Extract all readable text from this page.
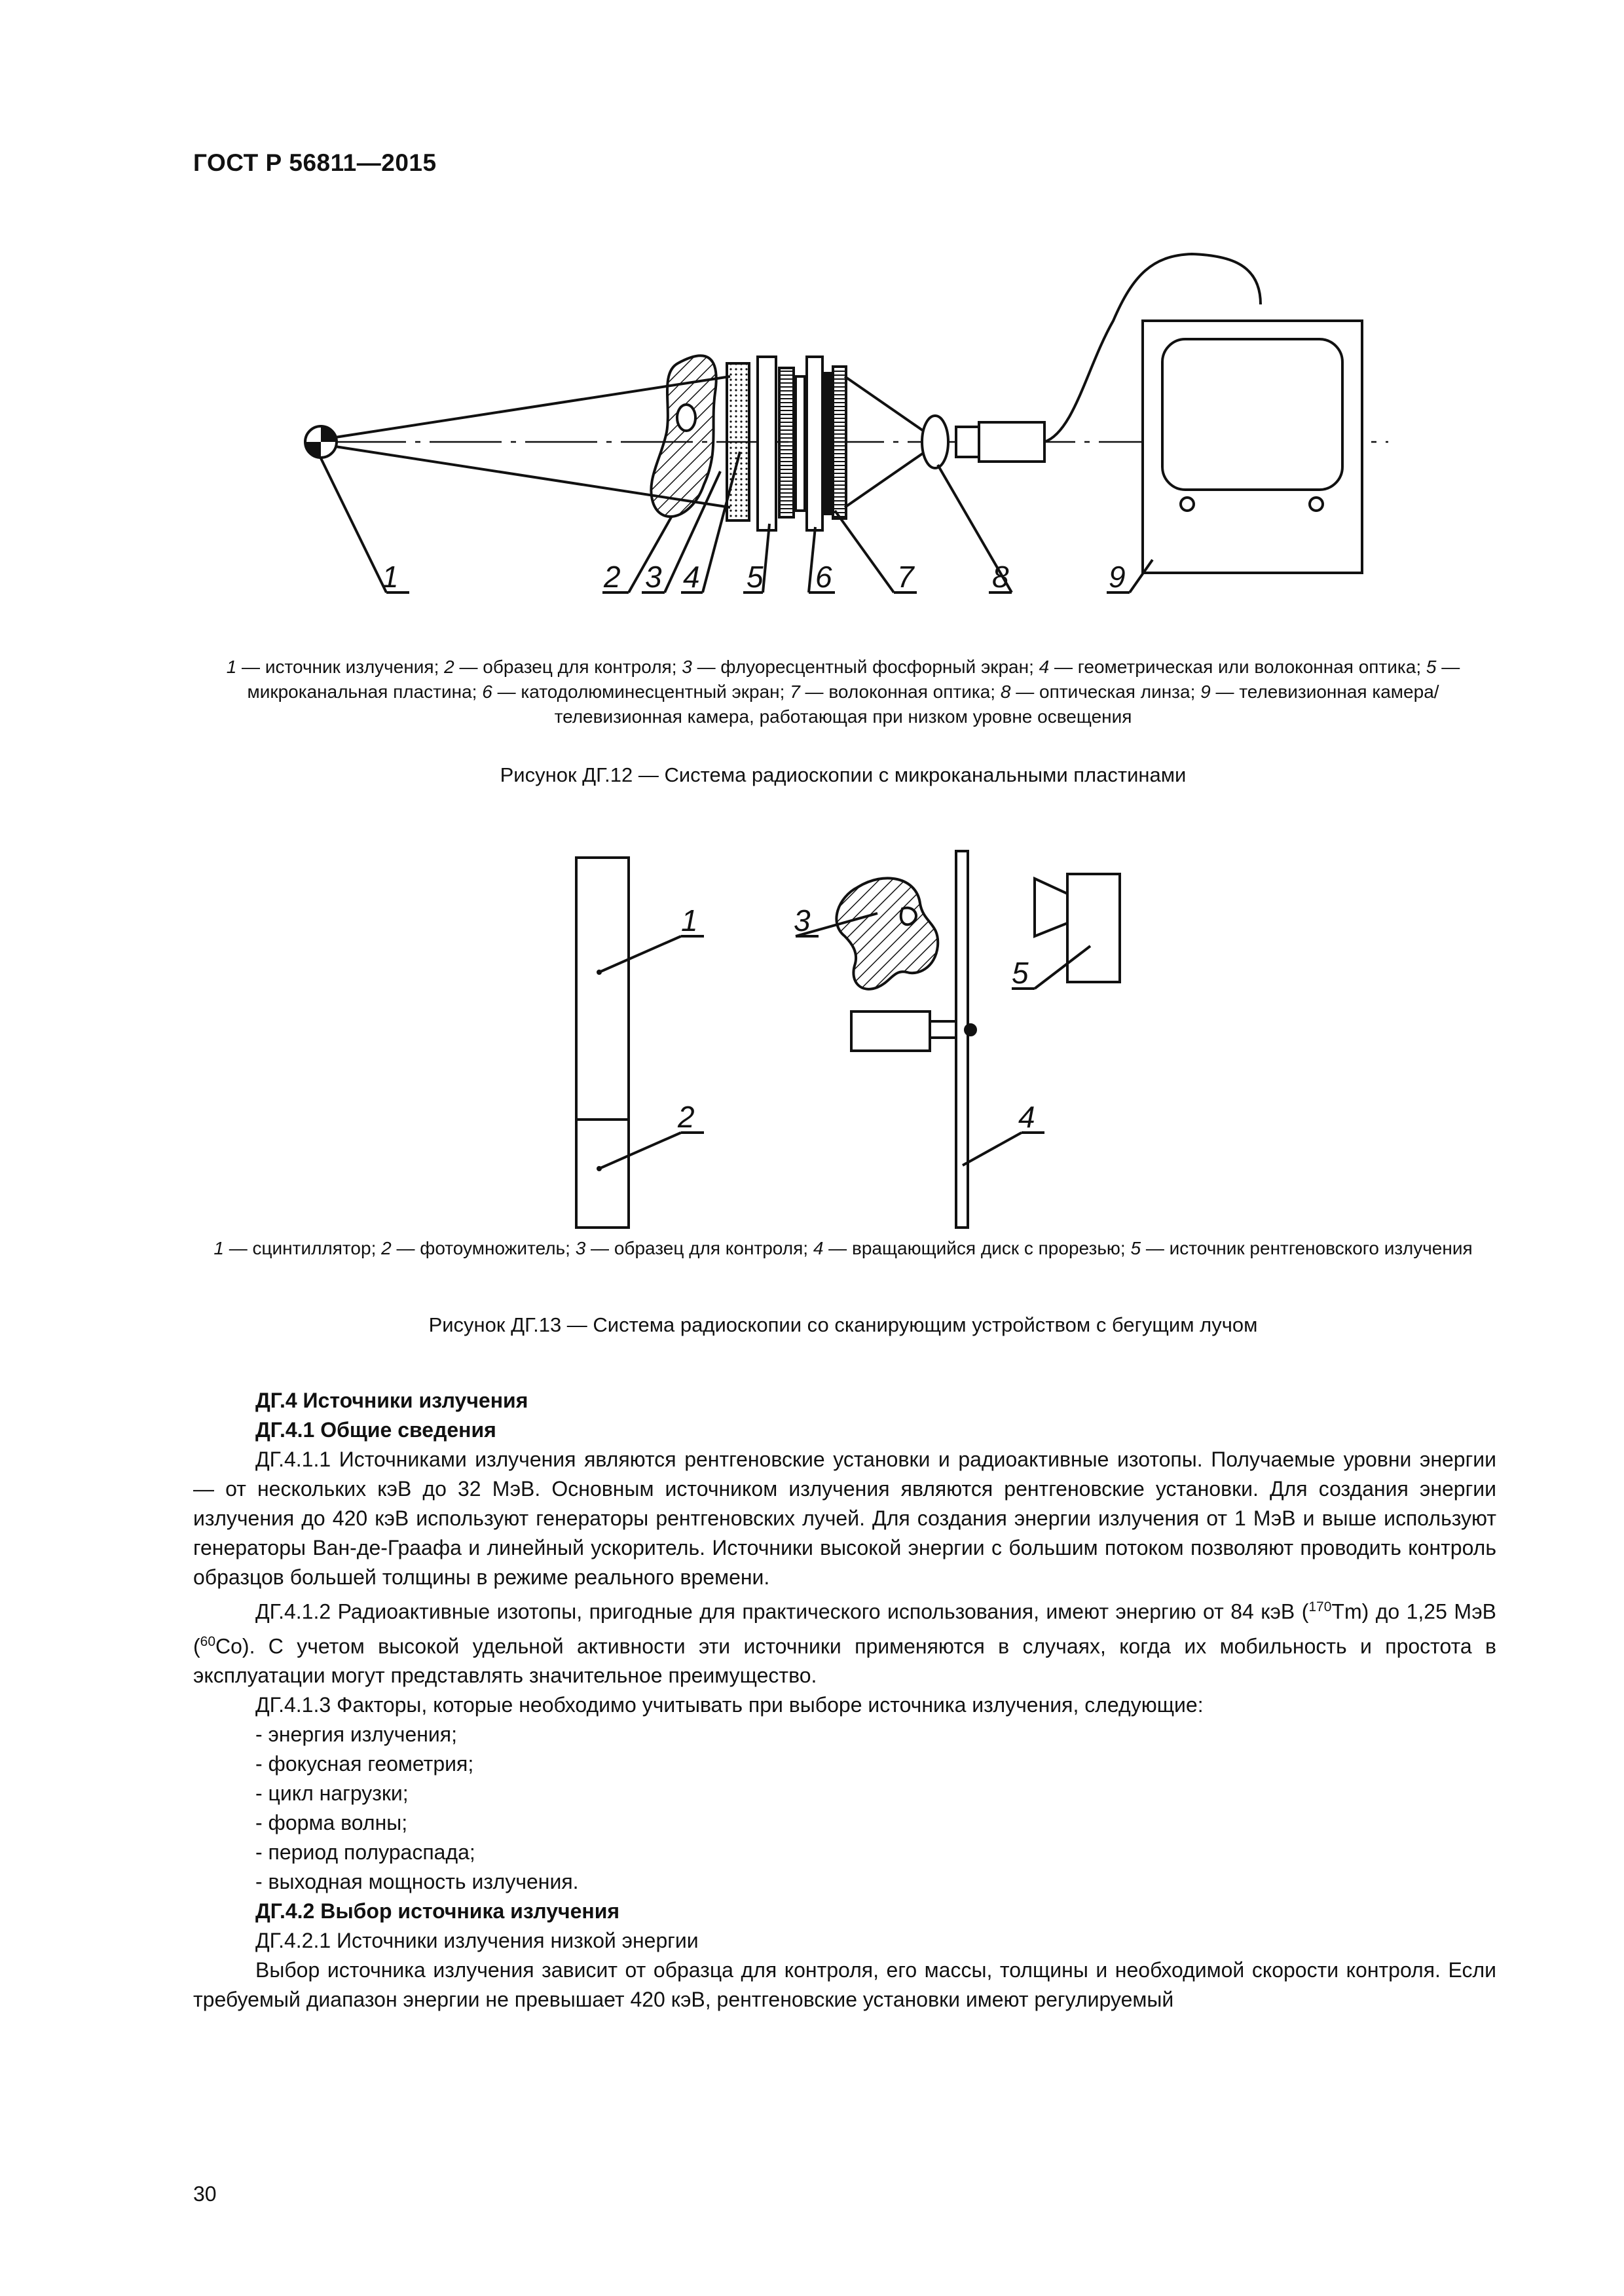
ГОСТ Р 56811—2015
1	2 3 4 5 6 7	8	9
1 — источник излучения; 2 — образец для контроля; 3 — флуоресцентный фосфорный экран; 4 — геометрическая или волоконная оптика; 5 — микроканальная пластина; 6 — катодолюминесцентный экран; 7 — волоконная оптика; 8 — оптическая линза; 9 — телевизионная камера/телевизионная камера, работающая при низком уровне освещения
Рисунок ДГ.12 — Система радиоскопии с микроканальными пластинами
1
2
3
4
5
1 — сцинтиллятор; 2 — фотоумножитель; 3 — образец для контроля; 4 — вращающийся диск с прорезью; 5 — источник рентгеновского излучения
Рисунок ДГ.13 — Система радиоскопии со сканирующим устройством с бегущим лучом

ДГ.4 Источники излучения

ДГ.4.1 Общие сведения

ДГ.4.1.1 Источниками излучения являются рентгеновские установки и радиоактивные изотопы. Получаемые уровни энергии — от нескольких кэВ до 32 МэВ. Основным источником излучения являются рентгеновские установки. Для создания энергии излучения до 420 кэВ используют генераторы рентгеновских лучей. Для создания энергии излучения от 1 МэВ и выше используют генераторы Ван-де-Граафа и линейный ускоритель. Источники высокой энергии с большим потоком позволяют проводить контроль образцов большей толщины в режиме реального времени.

ДГ.4.1.2 Радиоактивные изотопы, пригодные для практического использования, имеют энергию от 84 кэВ ($^{170}$Tm) до 1,25 МэВ ($^{60}$Co). С учетом высокой удельной активности эти источники применяются в случаях, когда их мобильность и простота в эксплуатации могут представлять значительное преимущество.

ДГ.4.1.3 Факторы, которые необходимо учитывать при выборе источника излучения, следующие:

- энергия излучения;
- фокусная геометрия;
- цикл нагрузки;
- форма волны;
- период полураспада;
- выходная мощность излучения.

ДГ.4.2 Выбор источника излучения

ДГ.4.2.1 Источники излучения низкой энергии

Выбор источника излучения зависит от образца для контроля, его массы, толщины и необходимой скорости контроля. Если требуемый диапазон энергии не превышает 420 кэВ, рентгеновские установки имеют регулируемый

30
